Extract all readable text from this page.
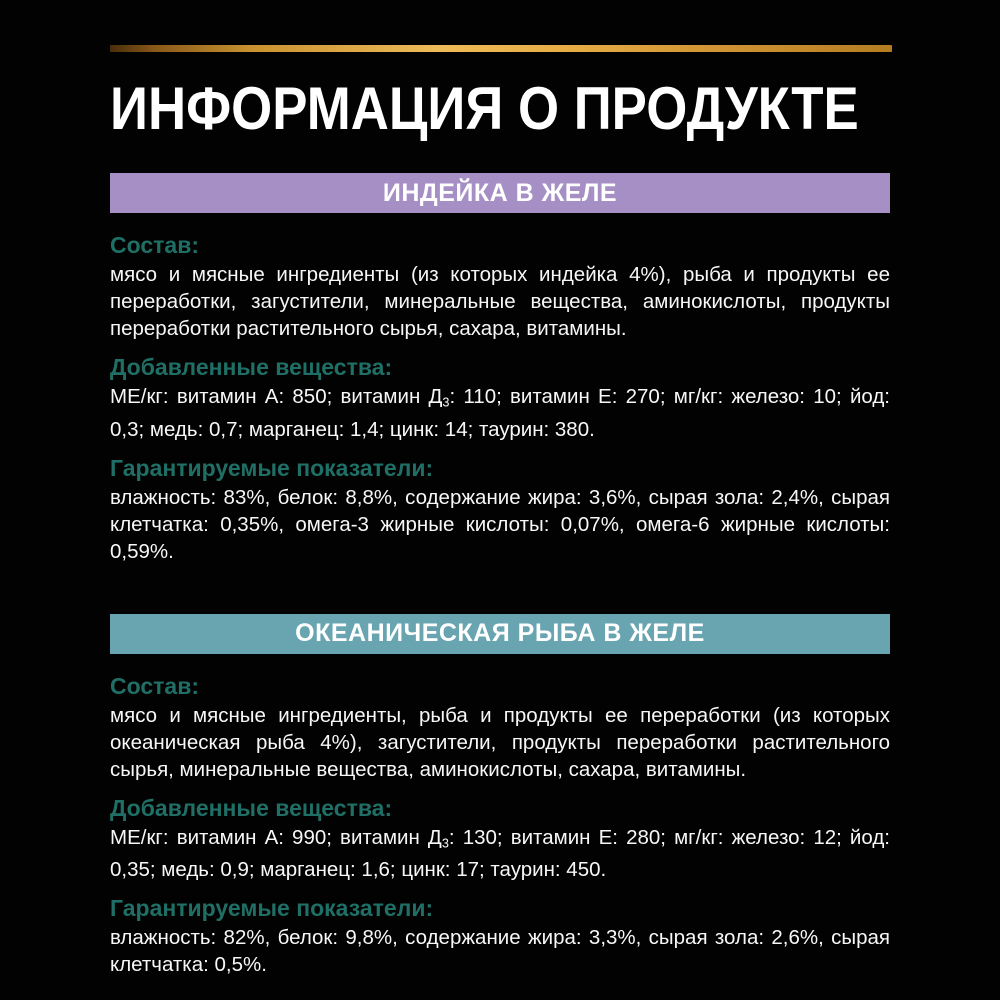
ИНФОРМАЦИЯ О ПРОДУКТЕ
ИНДЕЙКА В ЖЕЛЕ
Состав:

мясо и мясные ингредиенты (из которых индейка 4%), рыба и продукты ее переработки, загустители, минеральные вещества, аминокислоты, продукты переработки растительного сырья, сахара, витамины.

Добавленные вещества:

МЕ/кг: витамин А: 850; витамин Д3: 110; витамин Е: 270; мг/кг: железо: 10; йод: 0,3; медь: 0,7; марганец: 1,4; цинк: 14; таурин: 380.

Гарантируемые показатели:

влажность: 83%, белок: 8,8%, содержание жира: 3,6%, сырая зола: 2,4%, сырая клетчатка: 0,35%, омега-3 жирные кислоты: 0,07%, омега-6 жирные кислоты: 0,59%.

ОКЕАНИЧЕСКАЯ РЫБА В ЖЕЛЕ
Состав:

мясо и мясные ингредиенты, рыба и продукты ее переработки (из которых океаническая рыба 4%), загустители, продукты переработки растительного сырья, минеральные вещества, аминокислоты, сахара, витамины.

Добавленные вещества:

МЕ/кг: витамин А: 990; витамин Д3: 130; витамин Е: 280; мг/кг: железо: 12; йод: 0,35; медь: 0,9; марганец: 1,6; цинк: 17; таурин: 450.

Гарантируемые показатели:

влажность: 82%, белок: 9,8%, содержание жира: 3,3%, сырая зола: 2,6%, сырая клетчатка: 0,5%.
